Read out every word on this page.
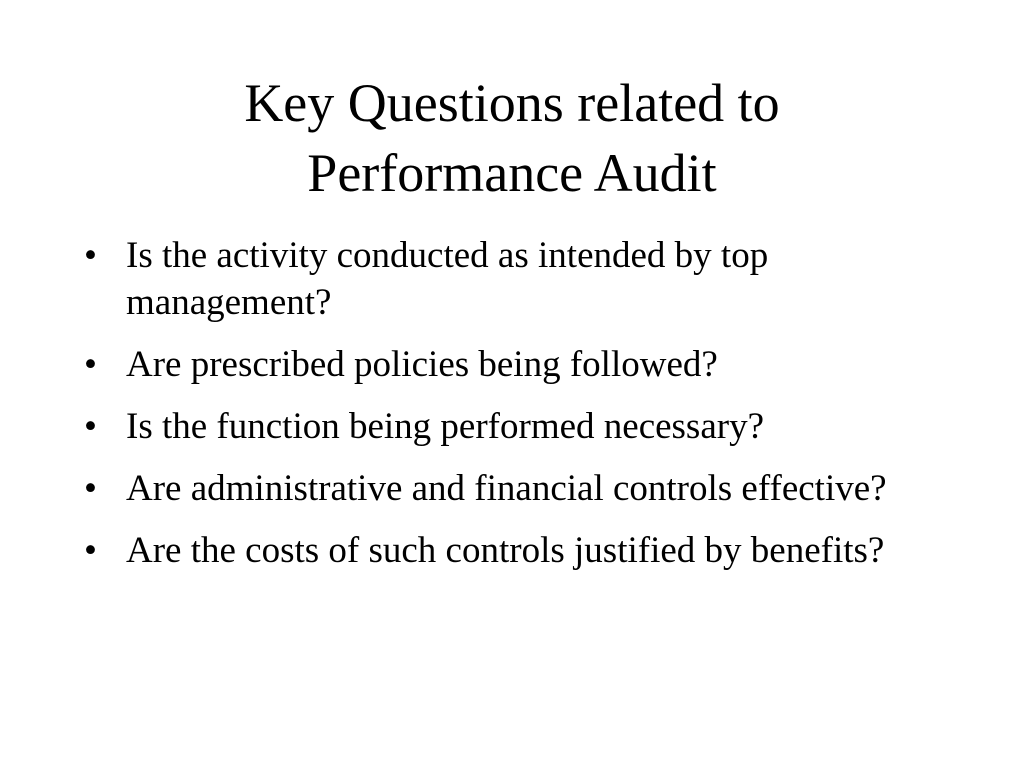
Key Questions related to
Performance Audit
• Is the activity conducted as intended by top management?
• Are prescribed policies being followed?
• Is the function being performed necessary?
• Are administrative and financial controls effective?
• Are the costs of such controls justified by benefits?
